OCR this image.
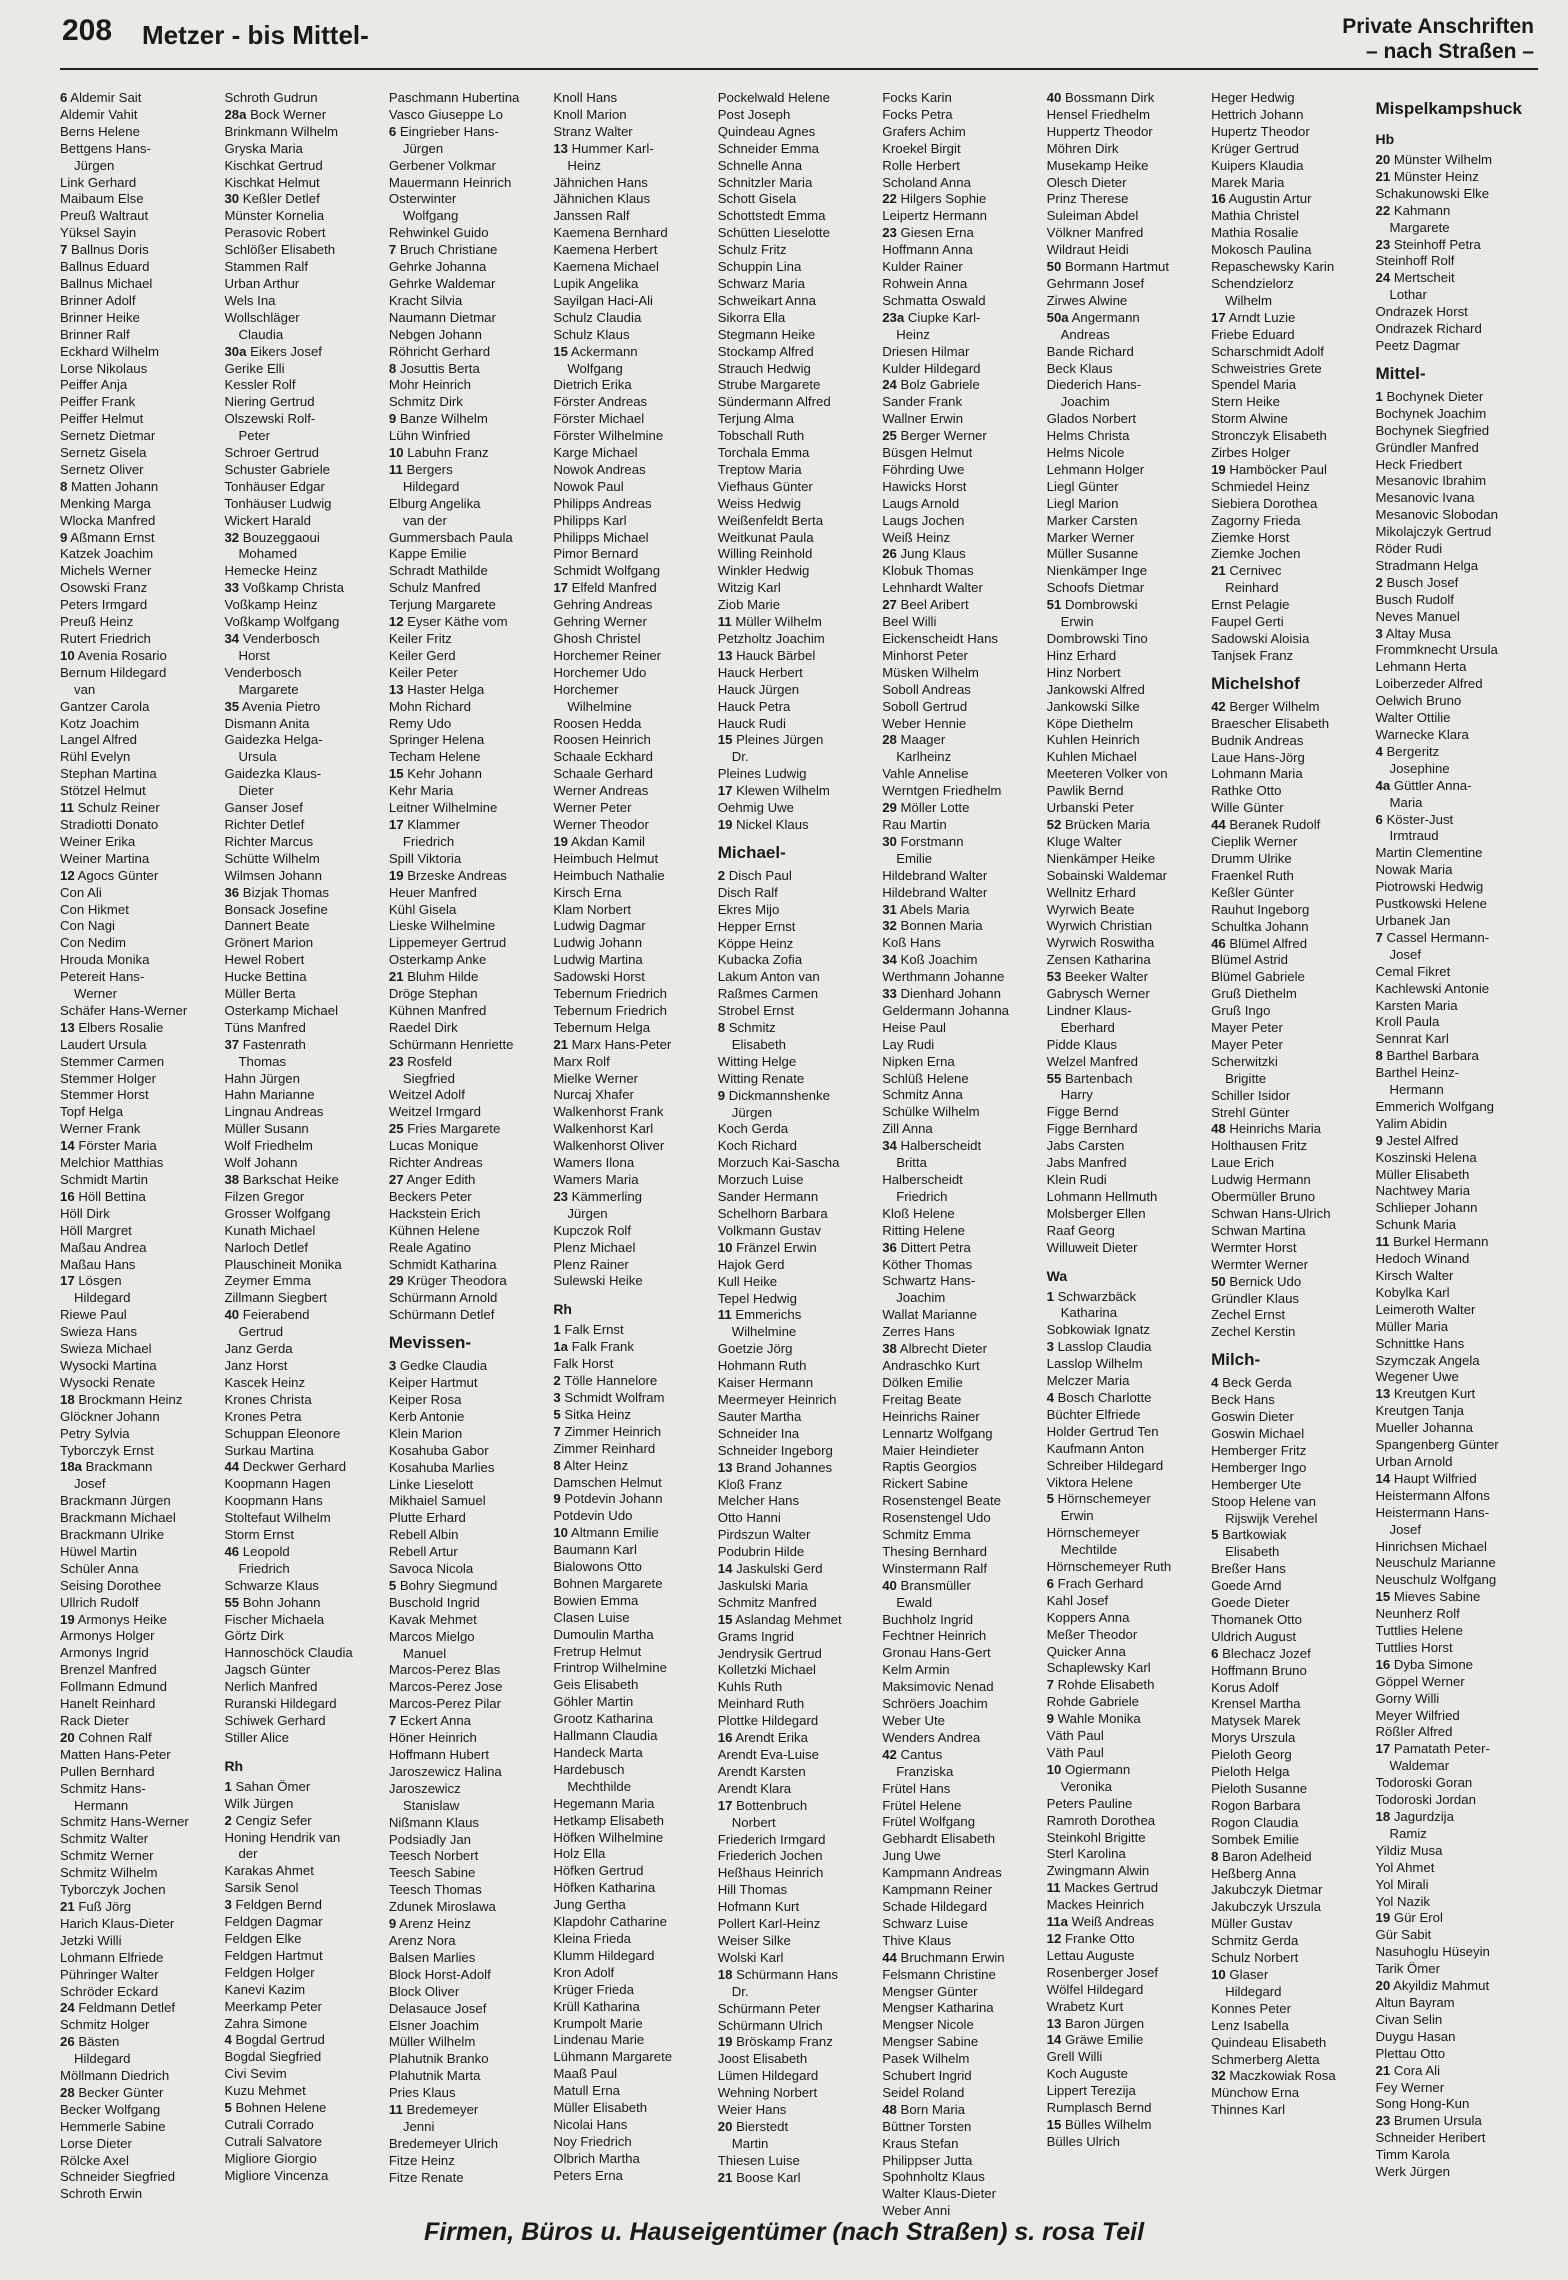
208 Metzer - bis Mittel-	Private Anschriften
– nach Straßen –
6 Aldemir Sait
Aldemir Vahit
Berns Helene
Bettgens Hans-
Jürgen
Link Gerhard
Maibaum Else
Preuß Waltraut
Yüksel Sayin
7 Ballnus Doris
Ballnus Eduard
Ballnus Michael
Brinner Adolf
Brinner Heike
Brinner Ralf
Eckhard Wilhelm
Lorse Nikolaus
Peiffer Anja
Peiffer Frank
Peiffer Helmut
Sernetz Dietmar
Sernetz Gisela
Sernetz Oliver
8 Matten Johann
Menking Marga
Wlocka Manfred
9 Aßmann Ernst
Katzek Joachim
Michels Werner
Osowski Franz
Peters Irmgard
Preuß Heinz
Rutert Friedrich
10 Avenia Rosario
Bernum Hildegard
van
Gantzer Carola
Kotz Joachim
Langel Alfred
Rühl Evelyn
Stephan Martina
Stötzel Helmut
11 Schulz Reiner
Stradiotti Donato
Weiner Erika
Weiner Martina
12 Agocs Günter
Con Ali
Con Hikmet
Con Nagi
Con Nedim
Hrouda Monika
Petereit Hans-
Werner
Schäfer Hans-Werner
13 Elbers Rosalie
Laudert Ursula
Stemmer Carmen
Stemmer Holger
Stemmer Horst
Topf Helga
Werner Frank
14 Förster Maria
Melchior Matthias
Schmidt Martin
16 Höll Bettina
Höll Dirk
Höll Margret
Maßau Andrea
Maßau Hans
17 Lösgen
Hildegard
Riewe Paul
Swieza Hans
Swieza Michael
Wysocki Martina
Wysocki Renate
18 Brockmann Heinz
Glöckner Johann
Petry Sylvia
Tyborczyk Ernst
18a Brackmann
Josef
Brackmann Jürgen
Brackmann Michael
Brackmann Ulrike
Hüwel Martin
Schüler Anna
Seising Dorothee
Ullrich Rudolf
19 Armonys Heike
Armonys Holger
Armonys Ingrid
Brenzel Manfred
Follmann Edmund
Hanelt Reinhard
Rack Dieter
20 Cohnen Ralf
Matten Hans-Peter
Pullen Bernhard
Schmitz Hans-
Hermann
Schmitz Hans-Werner
Schmitz Walter
Schmitz Werner
Schmitz Wilhelm
Tyborczyk Jochen
21 Fuß Jörg
Harich Klaus-Dieter
Jetzki Willi
Lohmann Elfriede
Pühringer Walter
Schröder Eckard
24 Feldmann Detlef
Schmitz Holger
26 Bästen
Hildegard
Möllmann Diedrich
28 Becker Günter
Becker Wolfgang
Hemmerle Sabine
Lorse Dieter
Rölcke Axel
Schneider Siegfried
Schroth Erwin
Schroth Gudrun
28a Bock Werner
Brinkmann Wilhelm
Gryska Maria
Kischkat Gertrud
Kischkat Helmut
30 Keßler Detlef
Münster Kornelia
Perasovic Robert
Schlößer Elisabeth
Stammen Ralf
Urban Arthur
Wels Ina
Wollschläger
Claudia
30a Eikers Josef
Gerike Elli
Kessler Rolf
Niering Gertrud
Olszewski Rolf-
Peter
Schroer Gertrud
Schuster Gabriele
Tonhäuser Edgar
Tonhäuser Ludwig
Wickert Harald
32 Bouzeggaoui
Mohamed
Hemecke Heinz
33 Voßkamp Christa
Voßkamp Heinz
Voßkamp Wolfgang
34 Venderbosch
Horst
Venderbosch
Margarete
35 Avenia Pietro
Dismann Anita
Gaidezka Helga-
Ursula
Gaidezka Klaus-
Dieter
Ganser Josef
Richter Detlef
Richter Marcus
Schütte Wilhelm
Wilmsen Johann
36 Bizjak Thomas
Bonsack Josefine
Dannert Beate
Grönert Marion
Hewel Robert
Hucke Bettina
Müller Berta
Osterkamp Michael
Tüns Manfred
37 Fastenrath
Thomas
Hahn Jürgen
Hahn Marianne
Lingnau Andreas
Müller Susann
Wolf Friedhelm
Wolf Johann
38 Barkschat Heike
Filzen Gregor
Grosser Wolfgang
Kunath Michael
Narloch Detlef
Plauschineit Monika
Zeymer Emma
Zillmann Siegbert
40 Feierabend
Gertrud
Janz Gerda
Janz Horst
Kascek Heinz
Krones Christa
Krones Petra
Schuppan Eleonore
Surkau Martina
44 Deckwer Gerhard
Koopmann Hagen
Koopmann Hans
Stoltefaut Wilhelm
Storm Ernst
46 Leopold
Friedrich
Schwarze Klaus
55 Bohn Johann
Fischer Michaela
Görtz Dirk
Hannoschöck Claudia
Jagsch Günter
Nerlich Manfred
Ruranski Hildegard
Schiwek Gerhard
Stiller Alice
Rh
1 Sahan Ömer
Wilk Jürgen
2 Cengiz Sefer
Honing Hendrik van
der
Karakas Ahmet
Sarsik Senol
3 Feldgen Bernd
Feldgen Dagmar
Feldgen Elke
Feldgen Hartmut
Feldgen Holger
Kanevi Kazim
Meerkamp Peter
Zahra Simone
4 Bogdal Gertrud
Bogdal Siegfried
Civi Sevim
Kuzu Mehmet
5 Bohnen Helene
Cutrali Corrado
Cutrali Salvatore
Migliore Giorgio
Migliore Vincenza
Paschmann Hubertina
Vasco Giuseppe Lo
6 Eingrieber Hans-
Jürgen
Gerbener Volkmar
Mauermann Heinrich
Osterwinter
Wolfgang
Rehwinkel Guido
7 Bruch Christiane
Gehrke Johanna
Gehrke Waldemar
Kracht Silvia
Naumann Dietmar
Nebgen Johann
Röhricht Gerhard
8 Josuttis Berta
Mohr Heinrich
Schmitz Dirk
9 Banze Wilhelm
Lühn Winfried
10 Labuhn Franz
11 Bergers
Hildegard
Elburg Angelika
van der
Gummersbach Paula
Kappe Emilie
Schradt Mathilde
Schulz Manfred
Terjung Margarete
12 Eyser Käthe vom
Keiler Fritz
Keiler Gerd
Keiler Peter
13 Haster Helga
Mohn Richard
Remy Udo
Springer Helena
Techam Helene
15 Kehr Johann
Kehr Maria
Leitner Wilhelmine
17 Klammer
Friedrich
Spill Viktoria
19 Brzeske Andreas
Heuer Manfred
Kühl Gisela
Lieske Wilhelmine
Lippemeyer Gertrud
Osterkamp Anke
21 Bluhm Hilde
Dröge Stephan
Kühnen Manfred
Raedel Dirk
Schürmann Henriette
23 Rosfeld
Siegfried
Weitzel Adolf
Weitzel Irmgard
25 Fries Margarete
Lucas Monique
Richter Andreas
27 Anger Edith
Beckers Peter
Hackstein Erich
Kühnen Helene
Reale Agatino
Schmidt Katharina
29 Krüger Theodora
Schürmann Arnold
Schürmann Detlef
Mevissen-
3 Gedke Claudia
Keiper Hartmut
Keiper Rosa
Kerb Antonie
Klein Marion
Kosahuba Gabor
Kosahuba Marlies
Linke Lieselott
Mikhaiel Samuel
Plutte Erhard
Rebell Albin
Rebell Artur
Savoca Nicola
5 Bohry Siegmund
Buschold Ingrid
Kavak Mehmet
Marcos Mielgo
Manuel
Marcos-Perez Blas
Marcos-Perez Jose
Marcos-Perez Pilar
7 Eckert Anna
Höner Heinrich
Hoffmann Hubert
Jaroszewicz Halina
Jaroszewicz
Stanislaw
Nißmann Klaus
Podsiadly Jan
Teesch Norbert
Teesch Sabine
Teesch Thomas
Zdunek Miroslawa
9 Arenz Heinz
Arenz Nora
Balsen Marlies
Block Horst-Adolf
Block Oliver
Delasauce Josef
Elsner Joachim
Müller Wilhelm
Plahutnik Branko
Plahutnik Marta
Pries Klaus
11 Bredemeyer
Jenni
Bredemeyer Ulrich
Fitze Heinz
Fitze Renate
Knoll Hans
Knoll Marion
Stranz Walter
13 Hummer Karl-
Heinz
Jähnichen Hans
Jähnichen Klaus
Janssen Ralf
Kaemena Bernhard
Kaemena Herbert
Kaemena Michael
Lupik Angelika
Sayilgan Haci-Ali
Schulz Claudia
Schulz Klaus
15 Ackermann
Wolfgang
Dietrich Erika
Förster Andreas
Förster Michael
Förster Wilhelmine
Karge Michael
Nowok Andreas
Nowok Paul
Philipps Andreas
Philipps Karl
Philipps Michael
Pimor Bernard
Schmidt Wolfgang
17 Elfeld Manfred
Gehring Andreas
Gehring Werner
Ghosh Christel
Horchemer Reiner
Horchemer Udo
Horchemer
Wilhelmine
Roosen Hedda
Roosen Heinrich
Schaale Eckhard
Schaale Gerhard
Werner Andreas
Werner Peter
Werner Theodor
19 Akdan Kamil
Heimbuch Helmut
Heimbuch Nathalie
Kirsch Erna
Klam Norbert
Ludwig Dagmar
Ludwig Johann
Ludwig Martina
Sadowski Horst
Tebernum Friedrich
Tebernum Friedrich
Tebernum Helga
21 Marx Hans-Peter
Marx Rolf
Mielke Werner
Nurcaj Xhafer
Walkenhorst Frank
Walkenhorst Karl
Walkenhorst Oliver
Wamers Ilona
Wamers Maria
23 Kämmerling
Jürgen
Kupczok Rolf
Plenz Michael
Plenz Rainer
Sulewski Heike
Rh
1 Falk Ernst
1a Falk Frank
Falk Horst
2 Tölle Hannelore
3 Schmidt Wolfram
5 Sitka Heinz
7 Zimmer Heinrich
Zimmer Reinhard
8 Alter Heinz
Damschen Helmut
9 Potdevin Johann
Potdevin Udo
10 Altmann Emilie
Baumann Karl
Bialowons Otto
Bohnen Margarete
Bowien Emma
Clasen Luise
Dumoulin Martha
Fretrup Helmut
Frintrop Wilhelmine
Geis Elisabeth
Göhler Martin
Grootz Katharina
Hallmann Claudia
Handeck Marta
Hardebusch
Mechthilde
Hegemann Maria
Hetkamp Elisabeth
Höfken Wilhelmine
Holz Ella
Höfken Gertrud
Höfken Katharina
Jung Gertha
Klapdohr Catharine
Kleina Frieda
Klumm Hildegard
Kron Adolf
Krüger Frieda
Krüll Katharina
Krumpolt Marie
Lindenau Marie
Lühmann Margarete
Maaß Paul
Matull Erna
Müller Elisabeth
Nicolai Hans
Noy Friedrich
Olbrich Martha
Peters Erna
Pockelwald Helene
Post Joseph
Quindeau Agnes
Schneider Emma
Schnelle Anna
Schnitzler Maria
Schott Gisela
Schottstedt Emma
Schütten Lieselotte
Schulz Fritz
Schuppin Lina
Schwarz Maria
Schweikart Anna
Sikorra Ella
Stegmann Heike
Stockamp Alfred
Strauch Hedwig
Strube Margarete
Sündermann Alfred
Terjung Alma
Tobschall Ruth
Torchala Emma
Treptow Maria
Viefhaus Günter
Weiss Hedwig
Weißenfeldt Berta
Weitkunat Paula
Willing Reinhold
Winkler Hedwig
Witzig Karl
Ziob Marie
11 Müller Wilhelm
Petzholtz Joachim
13 Hauck Bärbel
Hauck Herbert
Hauck Jürgen
Hauck Petra
Hauck Rudi
15 Pleines Jürgen
Dr.
Pleines Ludwig
17 Klewen Wilhelm
Oehmig Uwe
19 Nickel Klaus
Michael-
2 Disch Paul
Disch Ralf
Ekres Mijo
Hepper Ernst
Köppe Heinz
Kubacka Zofia
Lakum Anton van
Raßmes Carmen
Strobel Ernst
8 Schmitz
Elisabeth
Witting Helge
Witting Renate
9 Dickmannshenke
Jürgen
Koch Gerda
Koch Richard
Morzuch Kai-Sascha
Morzuch Luise
Sander Hermann
Schelhorn Barbara
Volkmann Gustav
10 Fränzel Erwin
Hajok Gerd
Kull Heike
Tepel Hedwig
11 Emmerichs
Wilhelmine
Goetzie Jörg
Hohmann Ruth
Kaiser Hermann
Meermeyer Heinrich
Sauter Martha
Schneider Ina
Schneider Ingeborg
13 Brand Johannes
Kloß Franz
Melcher Hans
Otto Hanni
Pirdszun Walter
Podubrin Hilde
14 Jaskulski Gerd
Jaskulski Maria
Schmitz Manfred
15 Aslandag Mehmet
Grams Ingrid
Jendrysik Gertrud
Kolletzki Michael
Kuhls Ruth
Meinhard Ruth
Plottke Hildegard
16 Arendt Erika
Arendt Eva-Luise
Arendt Karsten
Arendt Klara
17 Bottenbruch
Norbert
Friederich Irmgard
Friederich Jochen
Heßhaus Heinrich
Hill Thomas
Hofmann Kurt
Pollert Karl-Heinz
Weiser Silke
Wolski Karl
18 Schürmann Hans
Dr.
Schürmann Peter
Schürmann Ulrich
19 Bröskamp Franz
Joost Elisabeth
Lümen Hildegard
Wehning Norbert
Weier Hans
20 Bierstedt
Martin
Thiesen Luise
21 Boose Karl
Focks Karin
Focks Petra
Grafers Achim
Kroekel Birgit
Rolle Herbert
Scholand Anna
22 Hilgers Sophie
Leipertz Hermann
23 Giesen Erna
Hoffmann Anna
Kulder Rainer
Rohwein Anna
Schmatta Oswald
23a Ciupke Karl-
Heinz
Driesen Hilmar
Kulder Hildegard
24 Bolz Gabriele
Sander Frank
Wallner Erwin
25 Berger Werner
Büsgen Helmut
Föhrding Uwe
Hawicks Horst
Laugs Arnold
Laugs Jochen
Weiß Heinz
26 Jung Klaus
Klobuk Thomas
Lehnhardt Walter
27 Beel Aribert
Beel Willi
Eickenscheidt Hans
Minhorst Peter
Müsken Wilhelm
Soboll Andreas
Soboll Gertrud
Weber Hennie
28 Maager
Karlheinz
Vahle Annelise
Werntgen Friedhelm
29 Möller Lotte
Rau Martin
30 Forstmann
Emilie
Hildebrand Walter
Hildebrand Walter
31 Abels Maria
32 Bonnen Maria
Koß Hans
34 Koß Joachim
Werthmann Johanne
33 Dienhard Johann
Geldermann Johanna
Heise Paul
Lay Rudi
Nipken Erna
Schlüß Helene
Schmitz Anna
Schülke Wilhelm
Zill Anna
34 Halberscheidt
Britta
Halberscheidt
Friedrich
Kloß Helene
Ritting Helene
36 Dittert Petra
Köther Thomas
Schwartz Hans-
Joachim
Wallat Marianne
Zerres Hans
38 Albrecht Dieter
Andraschko Kurt
Dölken Emilie
Freitag Beate
Heinrichs Rainer
Lennartz Wolfgang
Maier Heindieter
Raptis Georgios
Rickert Sabine
Rosenstengel Beate
Rosenstengel Udo
Schmitz Emma
Thesing Bernhard
Winstermann Ralf
40 Bransmüller
Ewald
Buchholz Ingrid
Fechtner Heinrich
Gronau Hans-Gert
Kelm Armin
Maksimovic Nenad
Schröers Joachim
Weber Ute
Wenders Andrea
42 Cantus
Franziska
Frütel Hans
Frütel Helene
Frütel Wolfgang
Gebhardt Elisabeth
Jung Uwe
Kampmann Andreas
Kampmann Reiner
Schade Hildegard
Schwarz Luise
Thive Klaus
44 Bruchmann Erwin
Felsmann Christine
Mengser Günter
Mengser Katharina
Mengser Nicole
Mengser Sabine
Pasek Wilhelm
Schubert Ingrid
Seidel Roland
48 Born Maria
Büttner Torsten
Kraus Stefan
Philippser Jutta
Spohnholtz Klaus
Walter Klaus-Dieter
Weber Anni
40 Bossmann Dirk
Hensel Friedhelm
Huppertz Theodor
Möhren Dirk
Musekamp Heike
Olesch Dieter
Prinz Therese
Suleiman Abdel
Völkner Manfred
Wildraut Heidi
50 Bormann Hartmut
Gehrmann Josef
Zirwes Alwine
50a Angermann
Andreas
Bande Richard
Beck Klaus
Diederich Hans-
Joachim
Glados Norbert
Helms Christa
Helms Nicole
Lehmann Holger
Liegl Günter
Liegl Marion
Marker Carsten
Marker Werner
Müller Susanne
Nienkämper Inge
Schoofs Dietmar
51 Dombrowski
Erwin
Dombrowski Tino
Hinz Erhard
Hinz Norbert
Jankowski Alfred
Jankowski Silke
Köpe Diethelm
Kuhlen Heinrich
Kuhlen Michael
Meeteren Volker von
Pawlik Bernd
Urbanski Peter
52 Brücken Maria
Kluge Walter
Nienkämper Heike
Sobainski Waldemar
Wellnitz Erhard
Wyrwich Beate
Wyrwich Christian
Wyrwich Roswitha
Zensen Katharina
53 Beeker Walter
Gabrysch Werner
Lindner Klaus-
Eberhard
Pidde Klaus
Welzel Manfred
55 Bartenbach
Harry
Figge Bernd
Figge Bernhard
Jabs Carsten
Jabs Manfred
Klein Rudi
Lohmann Hellmuth
Molsberger Ellen
Raaf Georg
Willuweit Dieter
Wa
1 Schwarzbäck
Katharina
Sobkowiak Ignatz
3 Lasslop Claudia
Lasslop Wilhelm
Melczer Maria
4 Bosch Charlotte
Büchter Elfriede
Holder Gertrud Ten
Kaufmann Anton
Schreiber Hildegard
Viktora Helene
5 Hörnschemeyer
Erwin
Hörnschemeyer
Mechtilde
Hörnschemeyer Ruth
6 Frach Gerhard
Kahl Josef
Koppers Anna
Meßer Theodor
Quicker Anna
Schaplewsky Karl
7 Rohde Elisabeth
Rohde Gabriele
9 Wahle Monika
Väth Paul
Väth Paul
10 Ogiermann
Veronika
Peters Pauline
Ramroth Dorothea
Steinkohl Brigitte
Sterl Karolina
Zwingmann Alwin
11 Mackes Gertrud
Mackes Heinrich
11a Weiß Andreas
12 Franke Otto
Lettau Auguste
Rosenberger Josef
Wölfel Hildegard
Wrabetz Kurt
13 Baron Jürgen
14 Gräwe Emilie
Grell Willi
Koch Auguste
Lippert Terezija
Rumplasch Bernd
15 Bülles Wilhelm
Bülles Ulrich
Heger Hedwig
Hettrich Johann
Hupertz Theodor
Krüger Gertrud
Kuipers Klaudia
Marek Maria
16 Augustin Artur
Mathia Christel
Mathia Rosalie
Mokosch Paulina
Repaschewsky Karin
Schendzielorz
Wilhelm
17 Arndt Luzie
Friebe Eduard
Scharschmidt Adolf
Schweistries Grete
Spendel Maria
Stern Heike
Storm Alwine
Stronczyk Elisabeth
Zirbes Holger
19 Hamböcker Paul
Schmiedel Heinz
Siebiera Dorothea
Zagorny Frieda
Ziemke Horst
Ziemke Jochen
21 Cernivec
Reinhard
Ernst Pelagie
Faupel Gerti
Sadowski Aloisia
Tanjsek Franz
Michelshof
42 Berger Wilhelm
Braescher Elisabeth
Budnik Andreas
Laue Hans-Jörg
Lohmann Maria
Rathke Otto
Wille Günter
44 Beranek Rudolf
Cieplik Werner
Drumm Ulrike
Fraenkel Ruth
Keßler Günter
Rauhut Ingeborg
Schultka Johann
46 Blümel Alfred
Blümel Astrid
Blümel Gabriele
Gruß Diethelm
Gruß Ingo
Mayer Peter
Mayer Peter
Scherwitzki
Brigitte
Schiller Isidor
Strehl Günter
48 Heinrichs Maria
Holthausen Fritz
Laue Erich
Ludwig Hermann
Obermüller Bruno
Schwan Hans-Ulrich
Schwan Martina
Wermter Horst
Wermter Werner
50 Bernick Udo
Gründler Klaus
Zechel Ernst
Zechel Kerstin
Milch-
4 Beck Gerda
Beck Hans
Goswin Dieter
Goswin Michael
Hemberger Fritz
Hemberger Ingo
Hemberger Ute
Stoop Helene van
Rijswijk Verehel
5 Bartkowiak
Elisabeth
Breßer Hans
Goede Arnd
Goede Dieter
Thomanek Otto
Uldrich August
6 Blechacz Jozef
Hoffmann Bruno
Korus Adolf
Krensel Martha
Matysek Marek
Morys Urszula
Pieloth Georg
Pieloth Helga
Pieloth Susanne
Rogon Barbara
Rogon Claudia
Sombek Emilie
8 Baron Adelheid
Heßberg Anna
Jakubczyk Dietmar
Jakubczyk Urszula
Müller Gustav
Schmitz Gerda
Schulz Norbert
10 Glaser
Hildegard
Konnes Peter
Lenz Isabella
Quindeau Elisabeth
Schmerberg Aletta
32 Maczkowiak Rosa
Münchow Erna
Thinnes Karl
Mispelkampshuck
Hb
20 Münster Wilhelm
21 Münster Heinz
Schakunowski Elke
22 Kahmann
Margarete
23 Steinhoff Petra
Steinhoff Rolf
24 Mertscheit
Lothar
Ondrazek Horst
Ondrazek Richard
Peetz Dagmar
Mittel-
1 Bochynek Dieter
Bochynek Joachim
Bochynek Siegfried
Gründler Manfred
Heck Friedbert
Mesanovic Ibrahim
Mesanovic Ivana
Mesanovic Slobodan
Mikolajczyk Gertrud
Röder Rudi
Stradmann Helga
2 Busch Josef
Busch Rudolf
Neves Manuel
3 Altay Musa
Frommknecht Ursula
Lehmann Herta
Loiberzeder Alfred
Oelwich Bruno
Walter Ottilie
Warnecke Klara
4 Bergeritz
Josephine
4a Güttler Anna-
Maria
6 Köster-Just
Irmtraud
Martin Clementine
Nowak Maria
Piotrowski Hedwig
Pustkowski Helene
Urbanek Jan
7 Cassel Hermann-
Josef
Cemal Fikret
Kachlewski Antonie
Karsten Maria
Kroll Paula
Sennrat Karl
8 Barthel Barbara
Barthel Heinz-
Hermann
Emmerich Wolfgang
Yalim Abidin
9 Jestel Alfred
Koszinski Helena
Müller Elisabeth
Nachtwey Maria
Schlieper Johann
Schunk Maria
11 Burkel Hermann
Hedoch Winand
Kirsch Walter
Kobylka Karl
Leimeroth Walter
Müller Maria
Schnittke Hans
Szymczak Angela
Wegener Uwe
13 Kreutgen Kurt
Kreutgen Tanja
Mueller Johanna
Spangenberg Günter
Urban Arnold
14 Haupt Wilfried
Heistermann Alfons
Heistermann Hans-
Josef
Hinrichsen Michael
Neuschulz Marianne
Neuschulz Wolfgang
15 Mieves Sabine
Neunherz Rolf
Tuttlies Helene
Tuttlies Horst
16 Dyba Simone
Göppel Werner
Gorny Willi
Meyer Wilfried
Rößler Alfred
17 Pamatath Peter-
Waldemar
Todoroski Goran
Todoroski Jordan
18 Jagurdzija
Ramiz
Yildiz Musa
Yol Ahmet
Yol Mirali
Yol Nazik
19 Gür Erol
Gür Sabit
Nasuhoglu Hüseyin
Tarik Ömer
20 Akyildiz Mahmut
Altun Bayram
Civan Selin
Duygu Hasan
Plettau Otto
21 Cora Ali
Fey Werner
Song Hong-Kun
23 Brumen Ursula
Schneider Heribert
Timm Karola
Werk Jürgen
Firmen, Büros u. Hauseigentümer (nach Straßen) s. rosa Teil
